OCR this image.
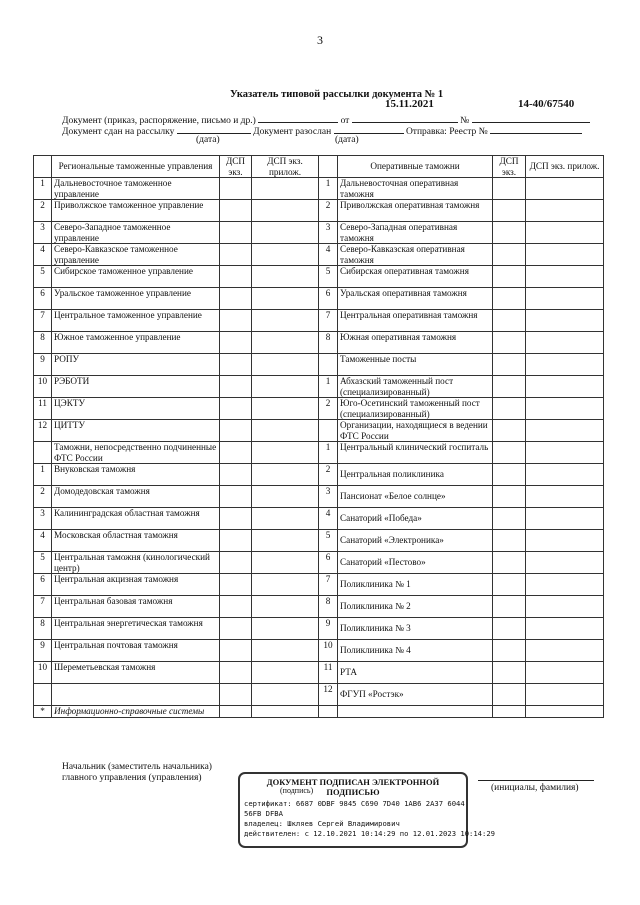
3
Указатель типовой рассылки документа № 1
15.11.2021	14-40/67540
Документ (приказ, распоряжение, письмо и др.)	от	№
Документ сдан на рассылку	Документ разослан	Отправка: Реестр №
(дата)	(дата)
	Региональные таможенные управления	ДСП экз.	ДСП экз. прилож.		Оперативные таможни	ДСП экз.	ДСП экз. прилож.
1	Дальневосточное таможенное управление			1	Дальневосточная оперативная таможня		
2	Приволжское таможенное управление			2	Приволжская оперативная таможня		
3	Северо-Западное таможенное управление			3	Северо-Западная оперативная таможня		
4	Северо-Кавказское таможенное управление			4	Северо-Кавказская оперативная таможня		
5	Сибирское таможенное управление			5	Сибирская оперативная таможня		
6	Уральское таможенное управление			6	Уральская оперативная таможня		
7	Центральное таможенное управление			7	Центральная оперативная таможня		
8	Южное таможенное управление			8	Южная оперативная таможня		
9	РОПУ				Таможенные посты		
10	РЭБОТИ			1	Абхазский таможенный пост (специализированный)		
11	ЦЭКТУ			2	Юго-Осетинский таможенный пост (специализированный)		
12	ЦИТТУ				Организации, находящиеся в ведении ФТС России		
	Таможни, непосредственно подчиненные ФТС России			1	Центральный клинический госпиталь		
1	Внуковская таможня			2	Центральная поликлиника		
2	Домодедовская таможня			3	Пансионат «Белое солнце»		
3	Калининградская областная таможня			4	Санаторий «Победа»		
4	Московская областная таможня			5	Санаторий «Электроника»		
5	Центральная таможня (кинологический центр)			6	Санаторий «Пестово»		
6	Центральная акцизная таможня			7	Поликлиника № 1		
7	Центральная базовая таможня			8	Поликлиника № 2		
8	Центральная энергетическая таможня			9	Поликлиника № 3		
9	Центральная почтовая таможня			10	Поликлиника № 4		
10	Шереметьевская таможня			11	РТА		
				12	ФГУП «Ростэк»		
*	Информационно-справочные системы						
Начальник (заместитель начальника)
главного управления (управления)	ДОКУМЕНТ ПОДПИСАН ЭЛЕКТРОННОЙ
ПОДПИСЬЮ
сертификат: 6687 0DBF 9845 C690 7D40 1AB6 2A37 6044
56FB DFBA
владелец: Шкляев Сергей Владимирович
действителен: с 12.10.2021 10:14:29 по 12.01.2023 10:14:29
(подпись)	(инициалы, фамилия)
